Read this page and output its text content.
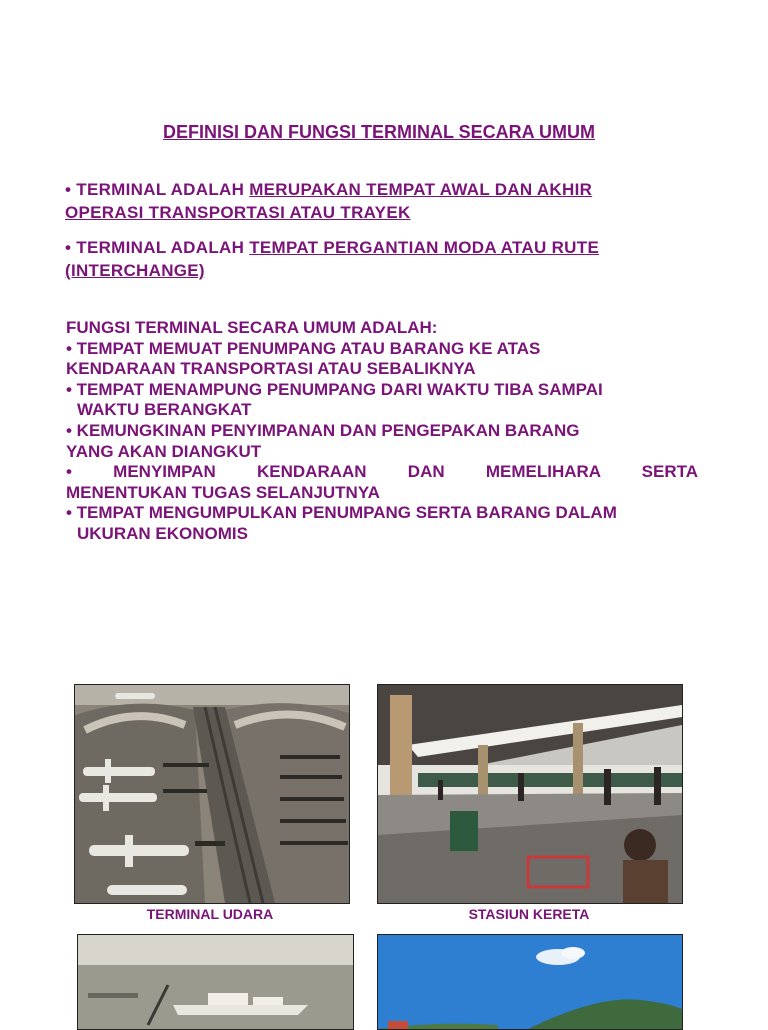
DEFINISI DAN FUNGSI TERMINAL SECARA UMUM
• TERMINAL ADALAH MERUPAKAN TEMPAT AWAL DAN AKHIR
OPERASI TRANSPORTASI ATAU TRAYEK
• TERMINAL ADALAH TEMPAT PERGANTIAN MODA ATAU RUTE
(INTERCHANGE)
FUNGSI TERMINAL SECARA UMUM ADALAH:
• TEMPAT MEMUAT PENUMPANG ATAU BARANG KE ATAS
KENDARAAN TRANSPORTASI ATAU SEBALIKNYA
• TEMPAT MENAMPUNG PENUMPANG DARI WAKTU TIBA SAMPAI
WAKTU BERANGKAT
• KEMUNGKINAN PENYIMPANAN DAN PENGEPAKAN BARANG
YANG AKAN DIANGKUT
• MENYIMPAN KENDARAAN DAN MEMELIHARA SERTA
MENENTUKAN TUGAS SELANJUTNYA
• TEMPAT MENGUMPULKAN PENUMPANG SERTA BARANG DALAM
UKURAN EKONOMIS
TERMINAL UDARA	STASIUN KERETA
